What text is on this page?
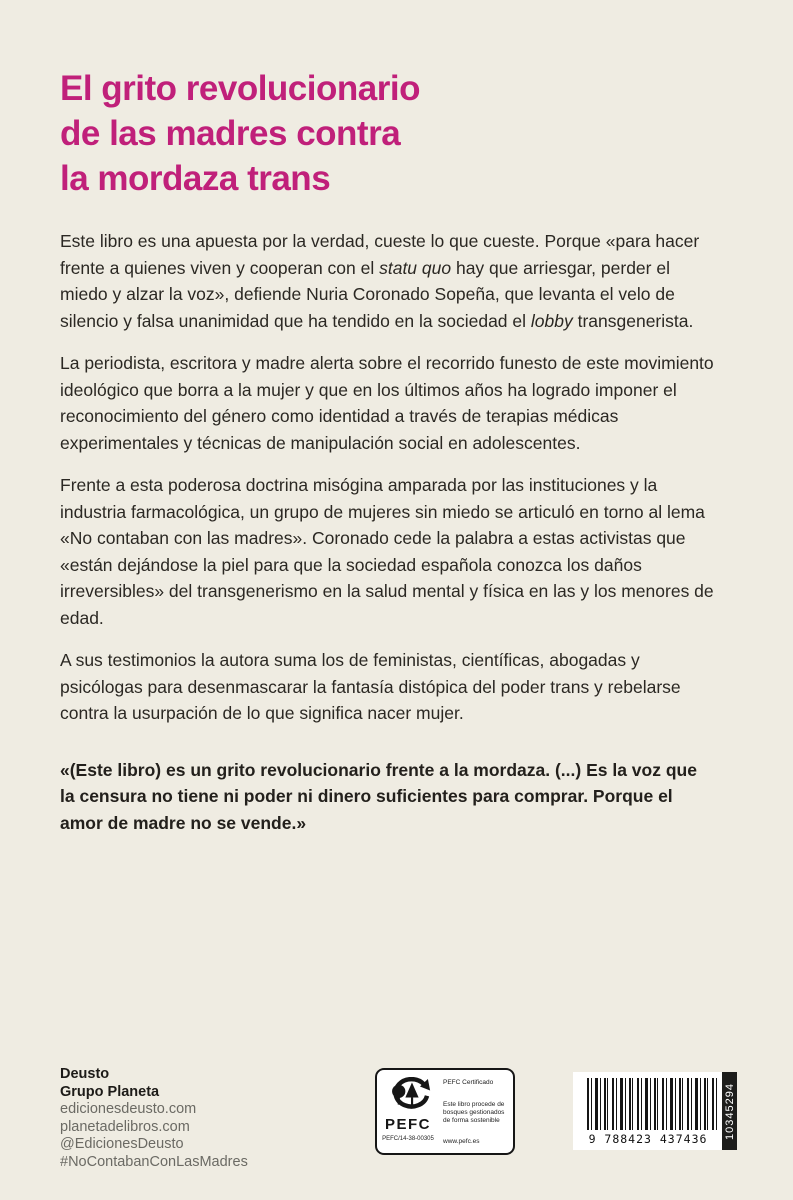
El grito revolucionario
de las madres contra
la mordaza trans

Este libro es una apuesta por la verdad, cueste lo que cueste. Porque «para hacer frente a quienes viven y cooperan con el statu quo hay que arriesgar, perder el miedo y alzar la voz», defiende Nuria Coronado Sopeña, que levanta el velo de silencio y falsa unanimidad que ha tendido en la sociedad el lobby transgenerista.

La periodista, escritora y madre alerta sobre el recorrido funesto de este movimiento ideológico que borra a la mujer y que en los últimos años ha logrado imponer el reconocimiento del género como identidad a través de terapias médicas experimentales y técnicas de manipulación social en adolescentes.

Frente a esta poderosa doctrina misógina amparada por las instituciones y la industria farmacológica, un grupo de mujeres sin miedo se articuló en torno al lema «No contaban con las madres». Coronado cede la palabra a estas activistas que «están dejándose la piel para que la sociedad española conozca los daños irreversibles» del transgenerismo en la salud mental y física en las y los menores de edad.

A sus testimonios la autora suma los de feministas, científicas, abogadas y psicólogas para desenmascarar la fantasía distópica del poder trans y rebelarse contra la usurpación de lo que significa nacer mujer.

«(Este libro) es un grito revolucionario frente a la mordaza. (...) Es la voz que la censura no tiene ni poder ni dinero suficientes para comprar. Porque el amor de madre no se vende.»

Deusto
Grupo Planeta
edicionesdeusto.com
planetadelibros.com
@EdicionesDeusto
#NoContabanConLasMadres
PEFC
PEFC/14-38-00305
PEFC Certificado
Este libro procede de bosques gestionados de forma sostenible
www.pefc.es	9 788423 437436	10345294
